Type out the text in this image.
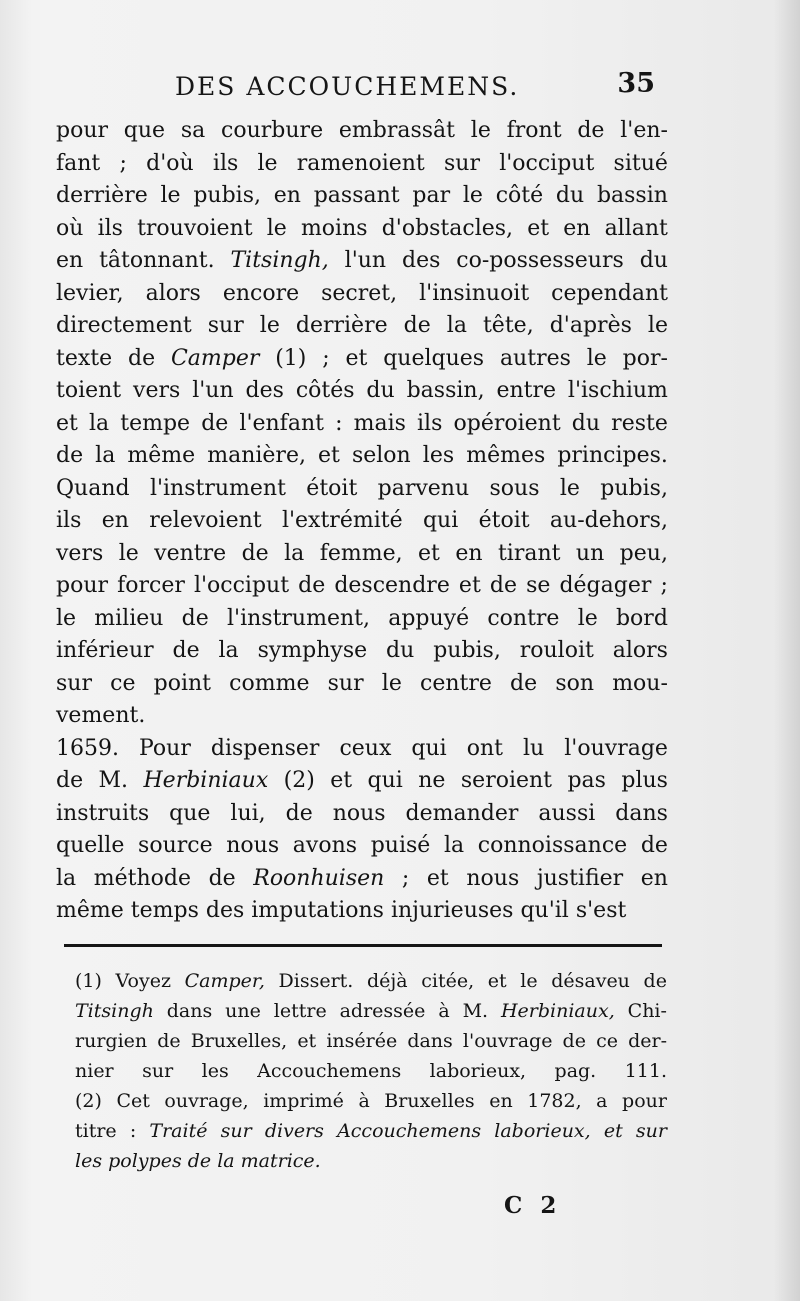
DES ACCOUCHEMENS.	35
pour que sa courbure embrassât le front de l'en-
fant ; d'où ils le ramenoient sur l'occiput situé
derrière le pubis, en passant par le côté du bassin
où ils trouvoient le moins d'obstacles, et en allant
en tâtonnant. Titsingh, l'un des co-possesseurs du
levier, alors encore secret, l'insinuoit cependant
directement sur le derrière de la tête, d'après le
texte de Camper (1) ; et quelques autres le por-
toient vers l'un des côtés du bassin, entre l'ischium
et la tempe de l'enfant : mais ils opéroient du reste
de la même manière, et selon les mêmes principes.
Quand l'instrument étoit parvenu sous le pubis,
ils en relevoient l'extrémité qui étoit au-dehors,
vers le ventre de la femme, et en tirant un peu,
pour forcer l'occiput de descendre et de se dégager ;
le milieu de l'instrument, appuyé contre le bord
inférieur de la symphyse du pubis, rouloit alors
sur ce point comme sur le centre de son mou-
vement.
1659. Pour dispenser ceux qui ont lu l'ouvrage
de M. Herbiniaux (2) et qui ne seroient pas plus
instruits que lui, de nous demander aussi dans
quelle source nous avons puisé la connoissance de
la méthode de Roonhuisen ; et nous justifier en
même temps des imputations injurieuses qu'il s'est
(1) Voyez Camper, Dissert. déjà citée, et le désaveu de
Titsingh dans une lettre adressée à M. Herbiniaux, Chi-
rurgien de Bruxelles, et insérée dans l'ouvrage de ce der-
nier sur les Accouchemens laborieux, pag. 111.
(2) Cet ouvrage, imprimé à Bruxelles en 1782, a pour
titre : Traité sur divers Accouchemens laborieux, et sur
les polypes de la matrice.
C 2
